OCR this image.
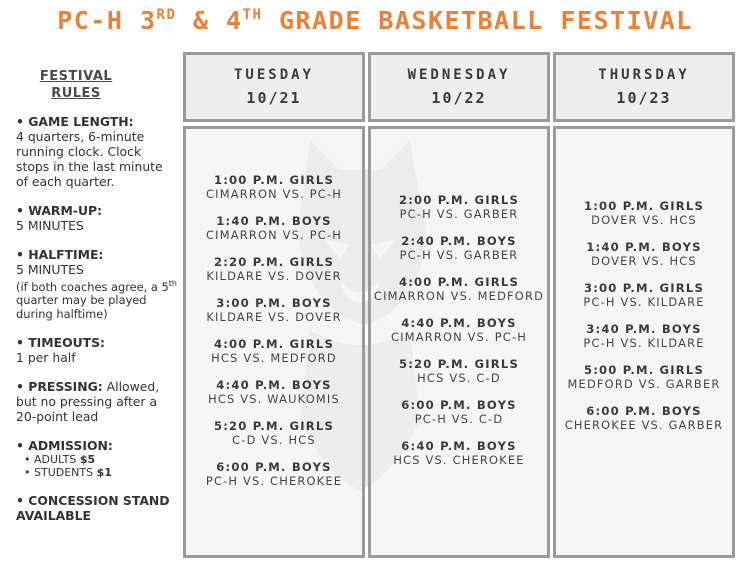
PC-H 3RD & 4TH GRADE BASKETBALL FESTIVAL
FESTIVAL
RULES
• GAME LENGTH:
4 quarters, 6-minute running clock. Clock stops in the last minute of each quarter.
• WARM-UP:
5 MINUTES
• HALFTIME:
5 MINUTES
(if both coaches agree, a 5th quarter may be played during halftime)
• TIMEOUTS:
1 per half
• PRESSING: Allowed, but no pressing after a 20-point lead
• ADMISSION:
• ADULTS $5
• STUDENTS $1
• CONCESSION STAND AVAILABLE
TUESDAY
10/21
1:00 P.M. GIRLS
CIMARRON VS. PC-H
1:40 P.M. BOYS
CIMARRON VS. PC-H
2:20 P.M. GIRLS
KILDARE VS. DOVER
3:00 P.M. BOYS
KILDARE VS. DOVER
4:00 P.M. GIRLS
HCS VS. MEDFORD
4:40 P.M. BOYS
HCS VS. WAUKOMIS
5:20 P.M. GIRLS
C-D VS. HCS
6:00 P.M. BOYS
PC-H VS. CHEROKEE
WEDNESDAY
10/22
2:00 P.M. GIRLS
PC-H VS. GARBER
2:40 P.M. BOYS
PC-H VS. GARBER
4:00 P.M. GIRLS
CIMARRON VS. MEDFORD
4:40 P.M. BOYS
CIMARRON VS. PC-H
5:20 P.M. GIRLS
HCS VS. C-D
6:00 P.M. BOYS
PC-H VS. C-D
6:40 P.M. BOYS
HCS VS. CHEROKEE
THURSDAY
10/23
1:00 P.M. GIRLS
DOVER VS. HCS
1:40 P.M. BOYS
DOVER VS. HCS
3:00 P.M. GIRLS
PC-H VS. KILDARE
3:40 P.M. BOYS
PC-H VS. KILDARE
5:00 P.M. GIRLS
MEDFORD VS. GARBER
6:00 P.M. BOYS
CHEROKEE VS. GARBER
